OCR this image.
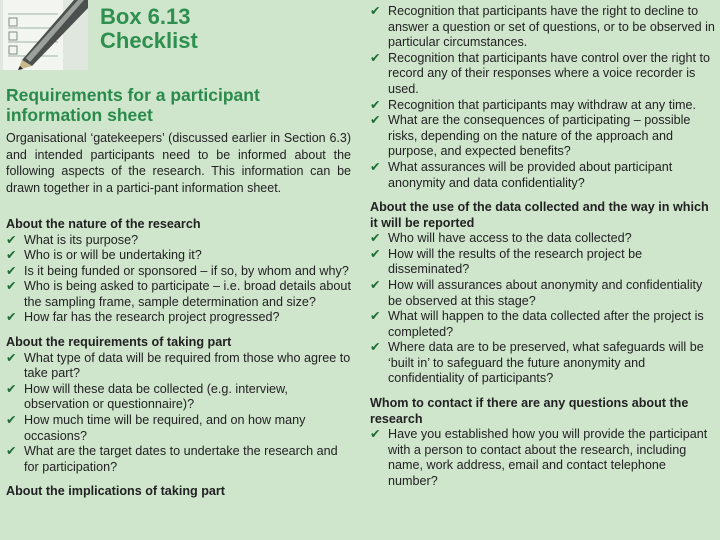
Box 6.13
Checklist
Requirements for a participant information sheet
Organisational ‘gatekeepers’ (discussed earlier in Section 6.3) and intended participants need to be informed about the following aspects of the research. This information can be drawn together in a partici-pant information sheet.
About the nature of the research
✔ What is its purpose?
✔ Who is or will be undertaking it?
✔ Is it being funded or sponsored – if so, by whom and why?
✔ Who is being asked to participate – i.e. broad details about the sampling frame, sample determination and size?
✔ How far has the research project progressed?
About the requirements of taking part
✔ What type of data will be required from those who agree to take part?
✔ How will these data be collected (e.g. interview, observation or questionnaire)?
✔ How much time will be required, and on how many occasions?
✔ What are the target dates to undertake the research and for participation?
About the implications of taking part
✔ Recognition that participants have the right to decline to answer a question or set of questions, or to be observed in particular circumstances.
✔ Recognition that participants have control over the right to record any of their responses where a voice recorder is used.
✔ Recognition that participants may withdraw at any time.
✔ What are the consequences of participating – possible risks, depending on the nature of the approach and purpose, and expected benefits?
✔ What assurances will be provided about participant anonymity and data confidentiality?
About the use of the data collected and the way in which it will be reported
✔ Who will have access to the data collected?
✔ How will the results of the research project be disseminated?
✔ How will assurances about anonymity and confidentiality be observed at this stage?
✔ What will happen to the data collected after the project is completed?
✔ Where data are to be preserved, what safeguards will be ‘built in’ to safeguard the future anonymity and confidentiality of participants?
Whom to contact if there are any questions about the research
✔ Have you established how you will provide the participant with a person to contact about the research, including name, work address, email and contact telephone number?
